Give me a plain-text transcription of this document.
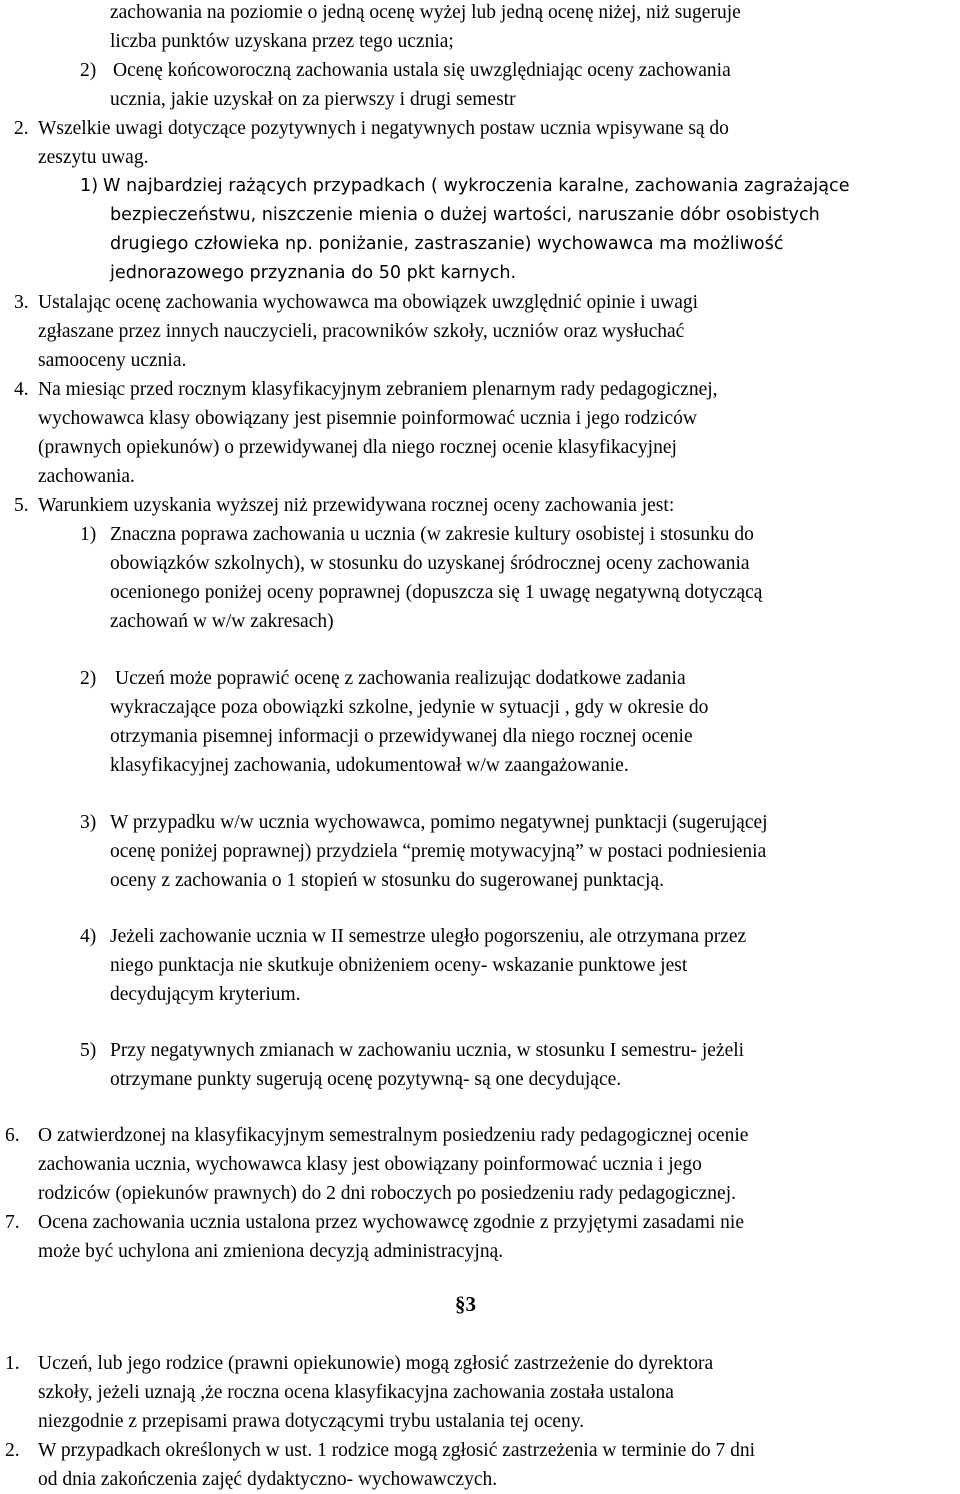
zachowania na poziomie o jedną ocenę wyżej lub jedną ocenę niżej, niż sugeruje
liczba punktów uzyskana przez tego ucznia;
2) Ocenę końcoworoczną zachowania ustala się uwzględniając oceny zachowania
ucznia, jakie uzyskał on za pierwszy i drugi semestr
2. Wszelkie uwagi dotyczące pozytywnych i negatywnych postaw ucznia wpisywane są do
zeszytu uwag.
1) W najbardziej rażących przypadkach ( wykroczenia karalne, zachowania zagrażające
bezpieczeństwu, niszczenie mienia o dużej wartości, naruszanie dóbr osobistych
drugiego człowieka np. poniżanie, zastraszanie) wychowawca ma możliwość
jednorazowego przyznania do 50 pkt karnych.
3. Ustalając ocenę zachowania wychowawca ma obowiązek uwzględnić opinie i uwagi
zgłaszane przez innych nauczycieli, pracowników szkoły, uczniów oraz wysłuchać
samooceny ucznia.
4. Na miesiąc przed rocznym klasyfikacyjnym zebraniem plenarnym rady pedagogicznej,
wychowawca klasy obowiązany jest pisemnie poinformować ucznia i jego rodziców
(prawnych opiekunów) o przewidywanej dla niego rocznej ocenie klasyfikacyjnej
zachowania.
5. Warunkiem uzyskania wyższej niż przewidywana rocznej oceny zachowania jest:
1) Znaczna poprawa zachowania u ucznia (w zakresie kultury osobistej i stosunku do
obowiązków szkolnych), w stosunku do uzyskanej śródrocznej oceny zachowania
ocenionego poniżej oceny poprawnej (dopuszcza się 1 uwagę negatywną dotyczącą
zachowań w w/w zakresach)
2) Uczeń może poprawić ocenę z zachowania realizując dodatkowe zadania
wykraczające poza obowiązki szkolne, jedynie w sytuacji , gdy w okresie do
otrzymania pisemnej informacji o przewidywanej dla niego rocznej ocenie
klasyfikacyjnej zachowania, udokumentował w/w zaangażowanie.
3) W przypadku w/w ucznia wychowawca, pomimo negatywnej punktacji (sugerującej
ocenę poniżej poprawnej) przydziela “premię motywacyjną” w postaci podniesienia
oceny z zachowania o 1 stopień w stosunku do sugerowanej punktacją.
4) Jeżeli zachowanie ucznia w II semestrze uległo pogorszeniu, ale otrzymana przez
niego punktacja nie skutkuje obniżeniem oceny- wskazanie punktowe jest
decydującym kryterium.
5) Przy negatywnych zmianach w zachowaniu ucznia, w stosunku I semestru- jeżeli
otrzymane punkty sugerują ocenę pozytywną- są one decydujące.
6. O zatwierdzonej na klasyfikacyjnym semestralnym posiedzeniu rady pedagogicznej ocenie
zachowania ucznia, wychowawca klasy jest obowiązany poinformować ucznia i jego
rodziców (opiekunów prawnych) do 2 dni roboczych po posiedzeniu rady pedagogicznej.
7. Ocena zachowania ucznia ustalona przez wychowawcę zgodnie z przyjętymi zasadami nie
może być uchylona ani zmieniona decyzją administracyjną.
§3
1. Uczeń, lub jego rodzice (prawni opiekunowie) mogą zgłosić zastrzeżenie do dyrektora
szkoły, jeżeli uznają ,że roczna ocena klasyfikacyjna zachowania została ustalona
niezgodnie z przepisami prawa dotyczącymi trybu ustalania tej oceny.
2. W przypadkach określonych w ust. 1 rodzice mogą zgłosić zastrzeżenia w terminie do 7 dni
od dnia zakończenia zajęć dydaktyczno- wychowawczych.
